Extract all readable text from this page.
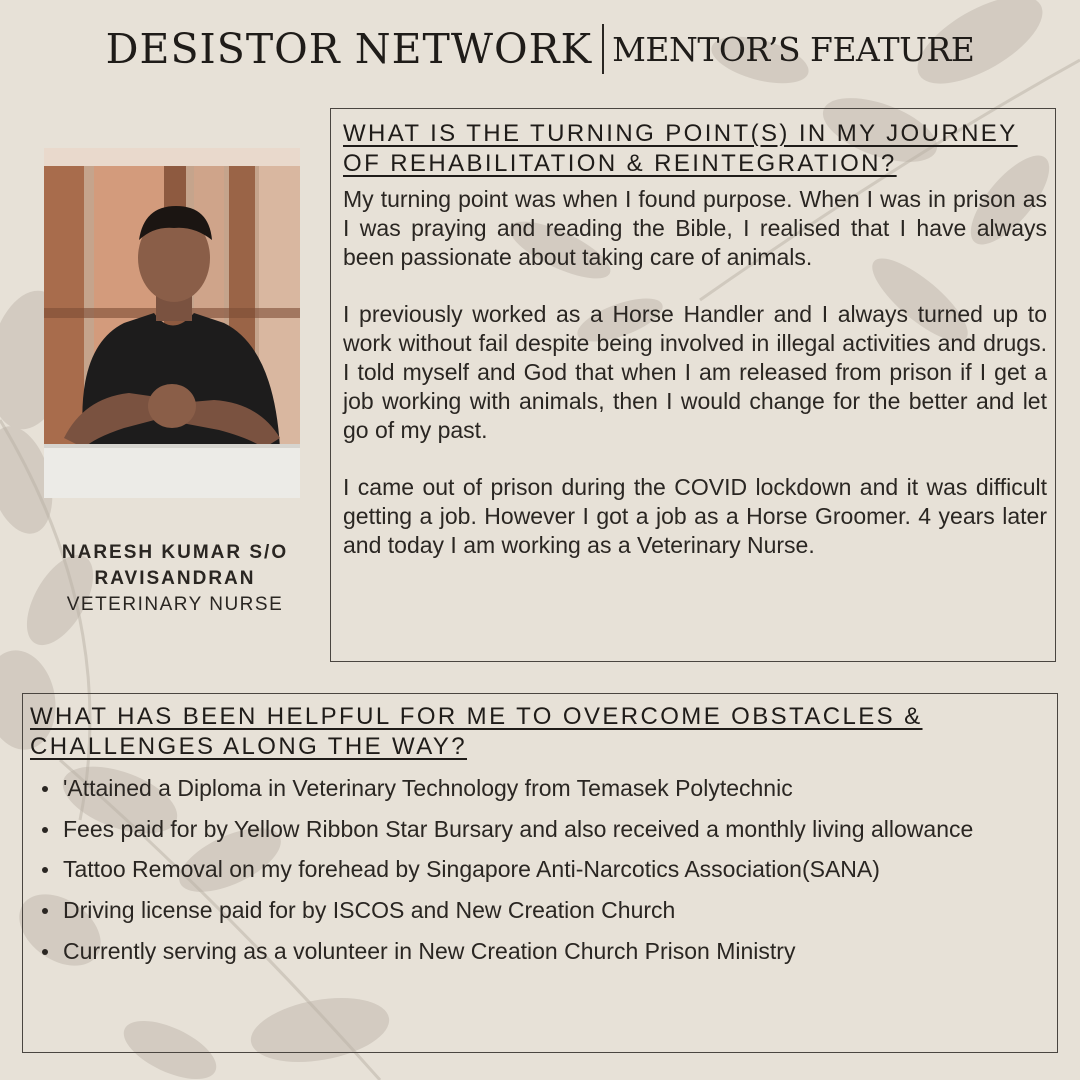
DESISTOR NETWORK MENTOR’S FEATURE

NARESH KUMAR S/O RAVISANDRAN

VETERINARY NURSE

WHAT IS THE TURNING POINT(S) IN MY JOURNEY OF REHABILITATION & REINTEGRATION?

My turning point was when I found purpose. When I was in prison as I was praying and reading the Bible, I realised that I have always been passionate about taking care of animals.

I previously worked as a Horse Handler and I always turned up to work without fail despite being involved in illegal activities and drugs. I told myself and God that when I am released from prison if I get a job working with animals, then I would change for the better and let go of my past.

I came out of prison during the COVID lockdown and it was difficult getting a job. However I got a job as a Horse Groomer. 4 years later and today I am working as a Veterinary Nurse.

WHAT HAS BEEN HELPFUL FOR ME TO OVERCOME OBSTACLES & CHALLENGES ALONG THE WAY?

'Attained a Diploma in Veterinary Technology from Temasek Polytechnic
Fees paid for by Yellow Ribbon Star Bursary and also received a monthly living allowance
Tattoo Removal on my forehead by Singapore Anti-Narcotics Association(SANA)
Driving license paid for by ISCOS and New Creation Church
Currently serving as a volunteer in New Creation Church Prison Ministry
